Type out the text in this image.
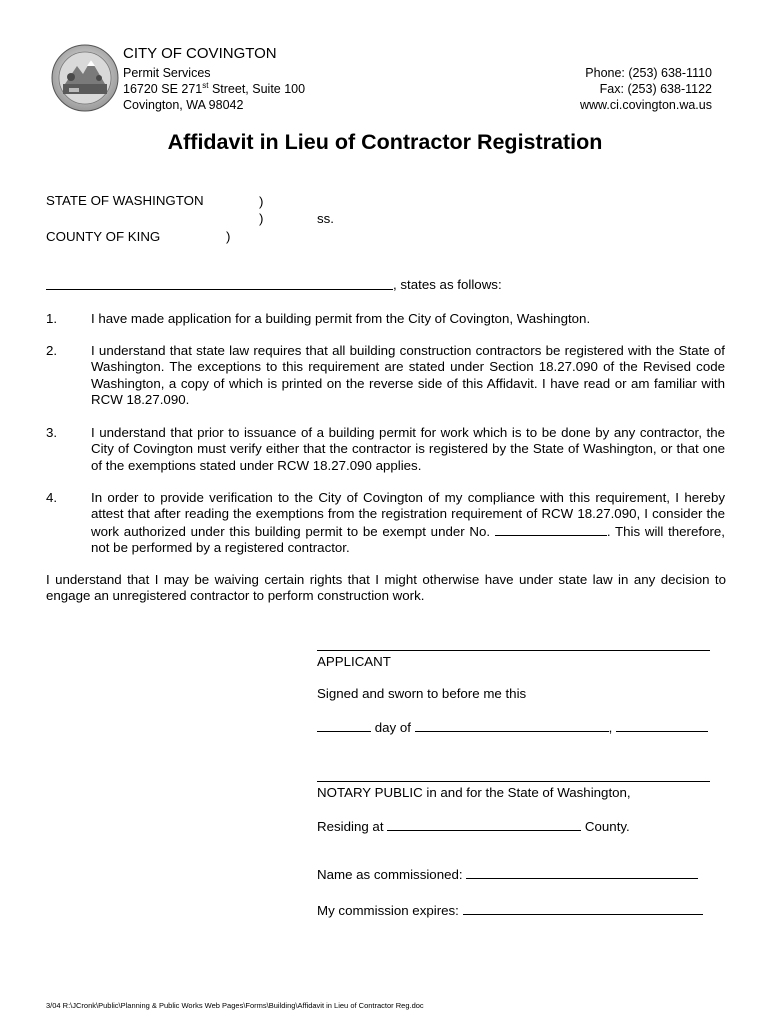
CITY OF COVINGTON
Permit Services
16720 SE 271st Street, Suite 100
Covington, WA 98042
Phone: (253) 638-1110
Fax: (253) 638-1122
www.ci.covington.wa.us
Affidavit in Lieu of Contractor Registration
STATE OF WASHINGTON	)
)	ss.
COUNTY OF KING	)
, states as follows:
1.	I have made application for a building permit from the City of Covington, Washington.
2.	I understand that state law requires that all building construction contractors be registered with the State of Washington. The exceptions to this requirement are stated under Section 18.27.090 of the Revised code Washington, a copy of which is printed on the reverse side of this Affidavit. I have read or am familiar with RCW 18.27.090.
3.	I understand that prior to issuance of a building permit for work which is to be done by any contractor, the City of Covington must verify either that the contractor is registered by the State of Washington, or that one of the exemptions stated under RCW 18.27.090 applies.
4.	In order to provide verification to the City of Covington of my compliance with this requirement, I hereby attest that after reading the exemptions from the registration requirement of RCW 18.27.090, I consider the work authorized under this building permit to be exempt under No.	. This will therefore, not be performed by a registered contractor.
I understand that I may be waiving certain rights that I might otherwise have under state law in any decision to engage an unregistered contractor to perform construction work.
APPLICANT
Signed and sworn to before me this
day of	,
NOTARY PUBLIC in and for the State of Washington,
Residing at	County.
Name as commissioned:
My commission expires:
3/04 R:\JCronk\Public\Planning & Public Works Web Pages\Forms\Building\Affidavit in Lieu of Contractor Reg.doc
